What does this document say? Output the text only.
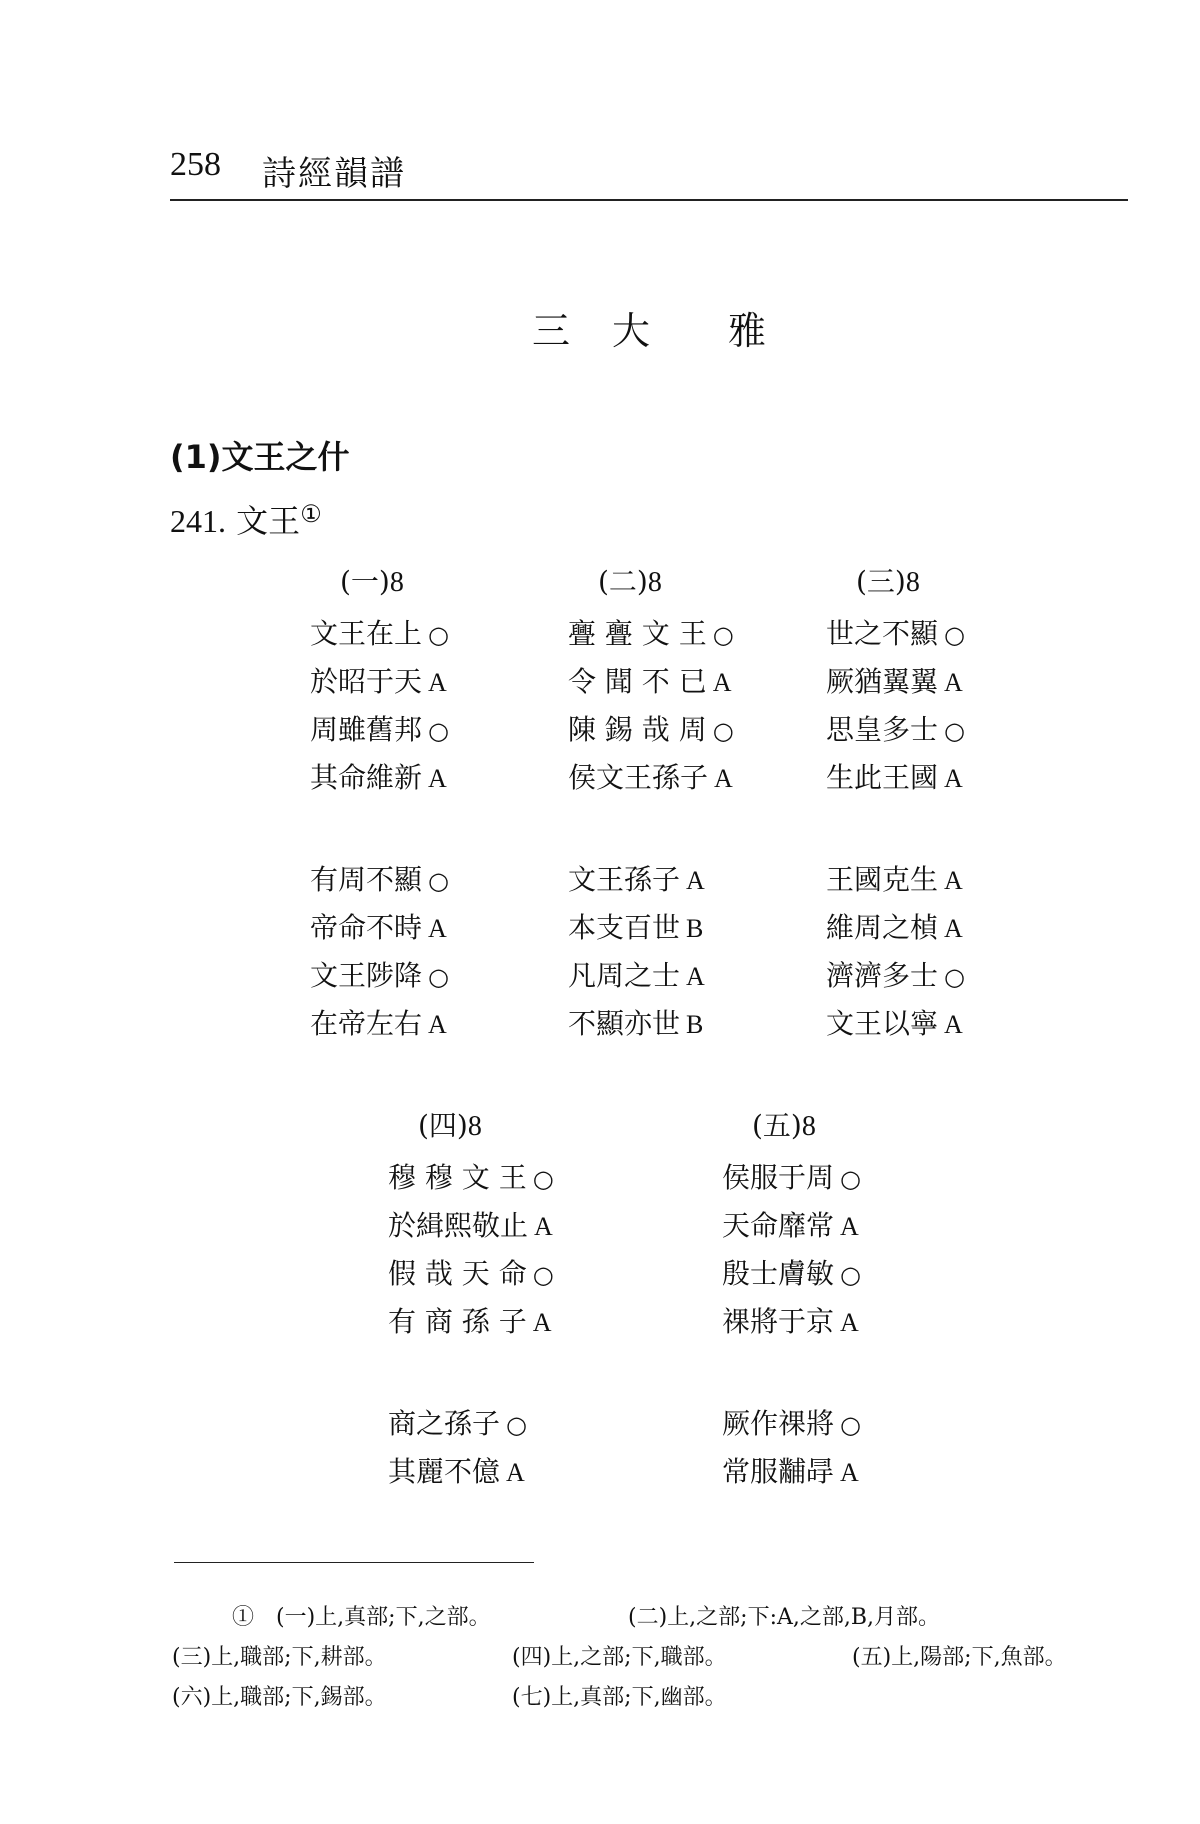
258 詩經韻譜
三 大 雅
(1)文王之什
241. 文王①
(一)8
文王在上 ○
於昭于天 A
周雖舊邦 ○
其命維新 A
有周不顯 ○
帝命不時 A
文王陟降 ○
在帝左右 A
(二)8
亹 亹 文 王 ○
令 聞 不 已 A
陳 錫 哉 周 ○
侯文王孫子 A
文王孫子 A
本支百世 B
凡周之士 A
不顯亦世 B
(三)8
世之不顯 ○
厥猶翼翼 A
思皇多士 ○
生此王國 A
王國克生 A
維周之楨 A
濟濟多士 ○
文王以寧 A
(四)8
穆 穆 文 王 ○
於緝熙敬止 A
假 哉 天 命 ○
有 商 孫 子 A
商之孫子 ○
其麗不億 A
(五)8
侯服于周 ○
天命靡常 A
殷士膚敏 ○
祼將于京 A
厥作祼將 ○
常服黼冔 A
①　(一)上,真部;下,之部。	(二)上,之部;下:A,之部,B,月部。
(三)上,職部;下,耕部。	(四)上,之部;下,職部。	(五)上,陽部;下,魚部。
(六)上,職部;下,錫部。	(七)上,真部;下,幽部。
